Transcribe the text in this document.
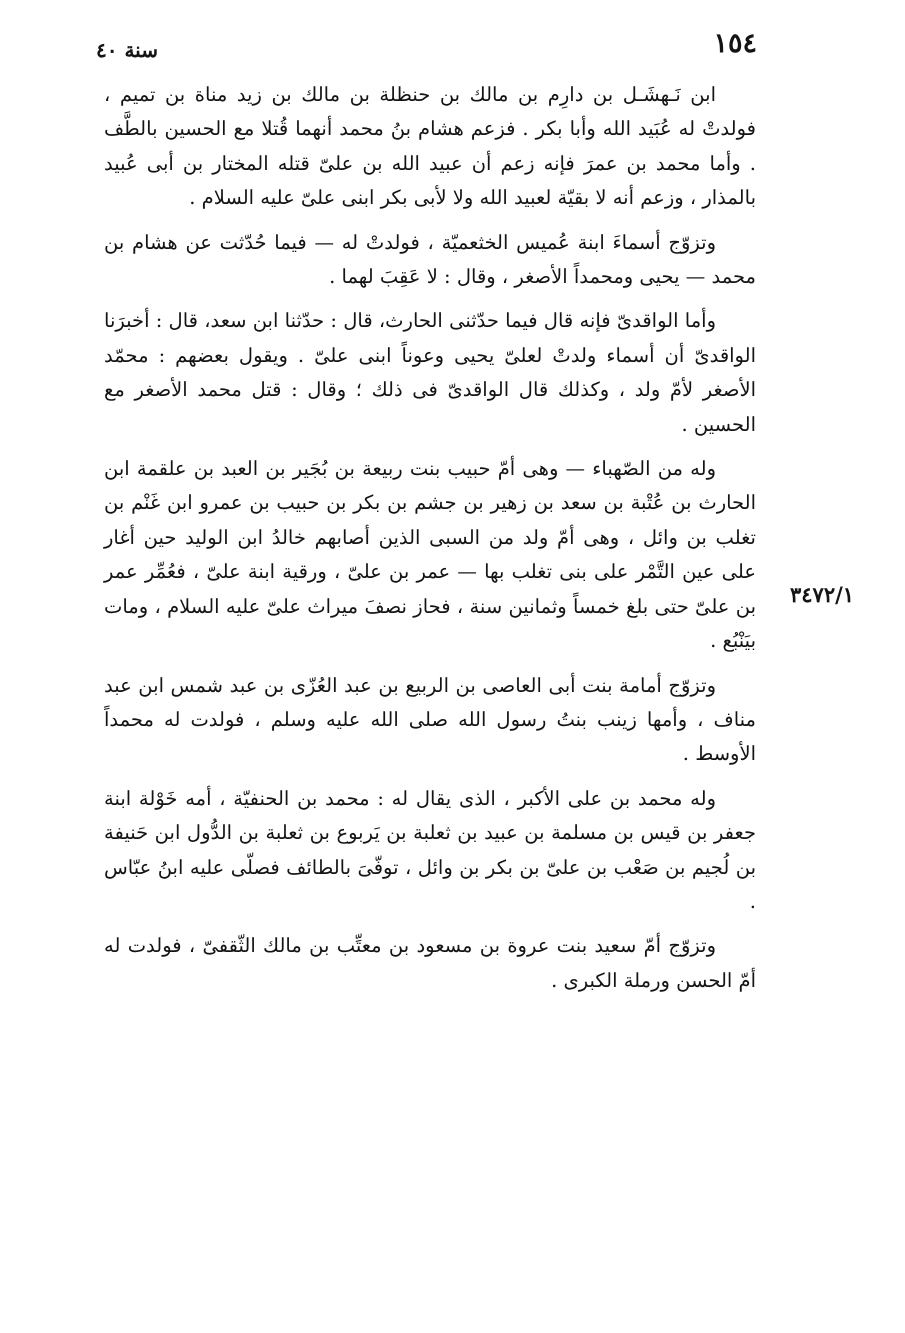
١٥٤
سنة ٤٠
٣٤٧٢/١

ابن نَـهشَـل بن دارِم بن مالك بن حنظلة بن مالك بن زيد مناة بن تميم ، فولدتْ له عُبَيد الله وأبا بكر . فزعم هشام بنُ محمد أنهما قُتلا مع الحسين بالطَّف . وأما محمد بن عمرَ فإنه زعم أن عبيد الله بن علىّ قتله المختار بن أبى عُبيد بالمذار ، وزعم أنه لا بقيّة لعبيد الله ولا لأبى بكر ابنى علىّ عليه السلام .

وتزوّج أسماءَ ابنة عُميس الخثعميّة ، فولدتْ له — فيما حُدّثت عن هشام بن محمد — يحيى ومحمداً الأصغر ، وقال : لا عَقِبَ لهما .

وأما الواقدىّ فإنه قال فيما حدّثنى الحارث، قال : حدّثنا ابن سعد، قال : أخبرَنا الواقدىّ أن أسماء ولدتْ لعلىّ يحيى وعوناً ابنى علىّ . ويقول بعضهم : محمّد الأصغر لأمّ ولد ، وكذلك قال الواقدىّ فى ذلك ؛ وقال : قتل محمد الأصغر مع الحسين .

وله من الصّهباء — وهى أمّ حبيب بنت ربيعة بن بُجَير بن العبد بن علقمة ابن الحارث بن عُتْبة بن سعد بن زهير بن جشم بن بكر بن حبيب بن عمرو ابن غَنْم بن تغلب بن وائل ، وهى أمّ ولد من السبى الذين أصابهم خالدُ ابن الوليد حين أغار على عين التَّمْر على بنى تغلب بها — عمر بن علىّ ، ورقية ابنة علىّ ، فعُمِّر عمر بن علىّ حتى بلغ خمساً وثمانين سنة ، فحاز نصفَ ميراث علىّ عليه السلام ، ومات بيَنْبُع .

وتزوّج أمامة بنت أبى العاصى بن الربيع بن عبد العُزّى بن عبد شمس ابن عبد مناف ، وأمها زينب بنتُ رسول الله صلى الله عليه وسلم ، فولدت له محمداً الأوسط .

وله محمد بن على الأكبر ، الذى يقال له : محمد بن الحنفيّة ، أمه خَوْلة ابنة جعفر بن قيس بن مسلمة بن عبيد بن ثعلبة بن يَربوع بن ثعلبة بن الدُّول ابن حَنيفة بن لُجيم بن صَعْب بن علىّ بن بكر بن وائل ، توفّىَ بالطائف فصلّى عليه ابنُ عبّاس .

وتزوّج أمّ سعيد بنت عروة بن مسعود بن معتِّب بن مالك الثّقفىّ ، فولدت له أمّ الحسن ورملة الكبرى .
